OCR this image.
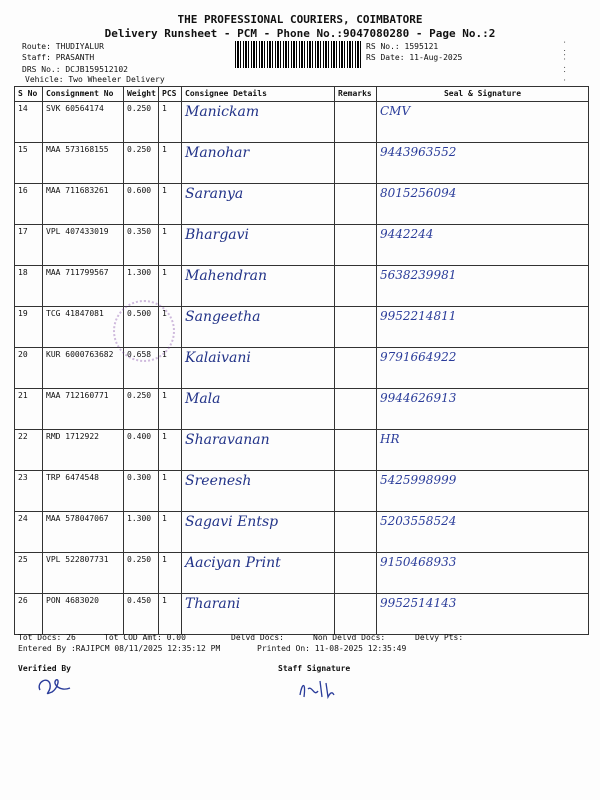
THE PROFESSIONAL COURIERS, COIMBATORE
Delivery Runsheet - PCM - Phone No.:9047080280 - Page No.:2
Route: THUDIYALUR
Staff: PRASANTH
DRS No.: DCJB159512102
Vehicle: Two Wheeler Delivery
RS No.: 1595121
RS Date: 11-Aug-2025	· ··· ·· ·
S No	Consignment No	Weight	PCS	Consignee Details	Remarks	Seal & Signature
14	SVK 60564174	0.250	1	Manickam		CMV
15	MAA 573168155	0.250	1	Manohar		9443963552
16	MAA 711683261	0.600	1	Saranya		8015256094
17	VPL 407433019	0.350	1	Bhargavi		9442244
18	MAA 711799567	1.300	1	Mahendran		5638239981
19	TCG 41847081	0.500	1	Sangeetha		9952214811
20	KUR 6000763682	0.658	1	Kalaivani		9791664922
21	MAA 712160771	0.250	1	Mala		9944626913
22	RMD 1712922	0.400	1	Sharavanan		HR
23	TRP 6474548	0.300	1	Sreenesh		5425998999
24	MAA 578047067	1.300	1	Sagavi Entsp		5203558524
25	VPL 522807731	0.250	1	Aaciyan Print		9150468933
26	PON 4683020	0.450	1	Tharani		9952514143
Tot Docs: 26	Tot COD Amt: 0.00	Delvd Docs:	Non Delvd Docs:	Delvy Pts:
Entered By :RAJIPCM 08/11/2025 12:35:12 PM	Printed On: 11-08-2025 12:35:49
Verified By	Staff Signature
